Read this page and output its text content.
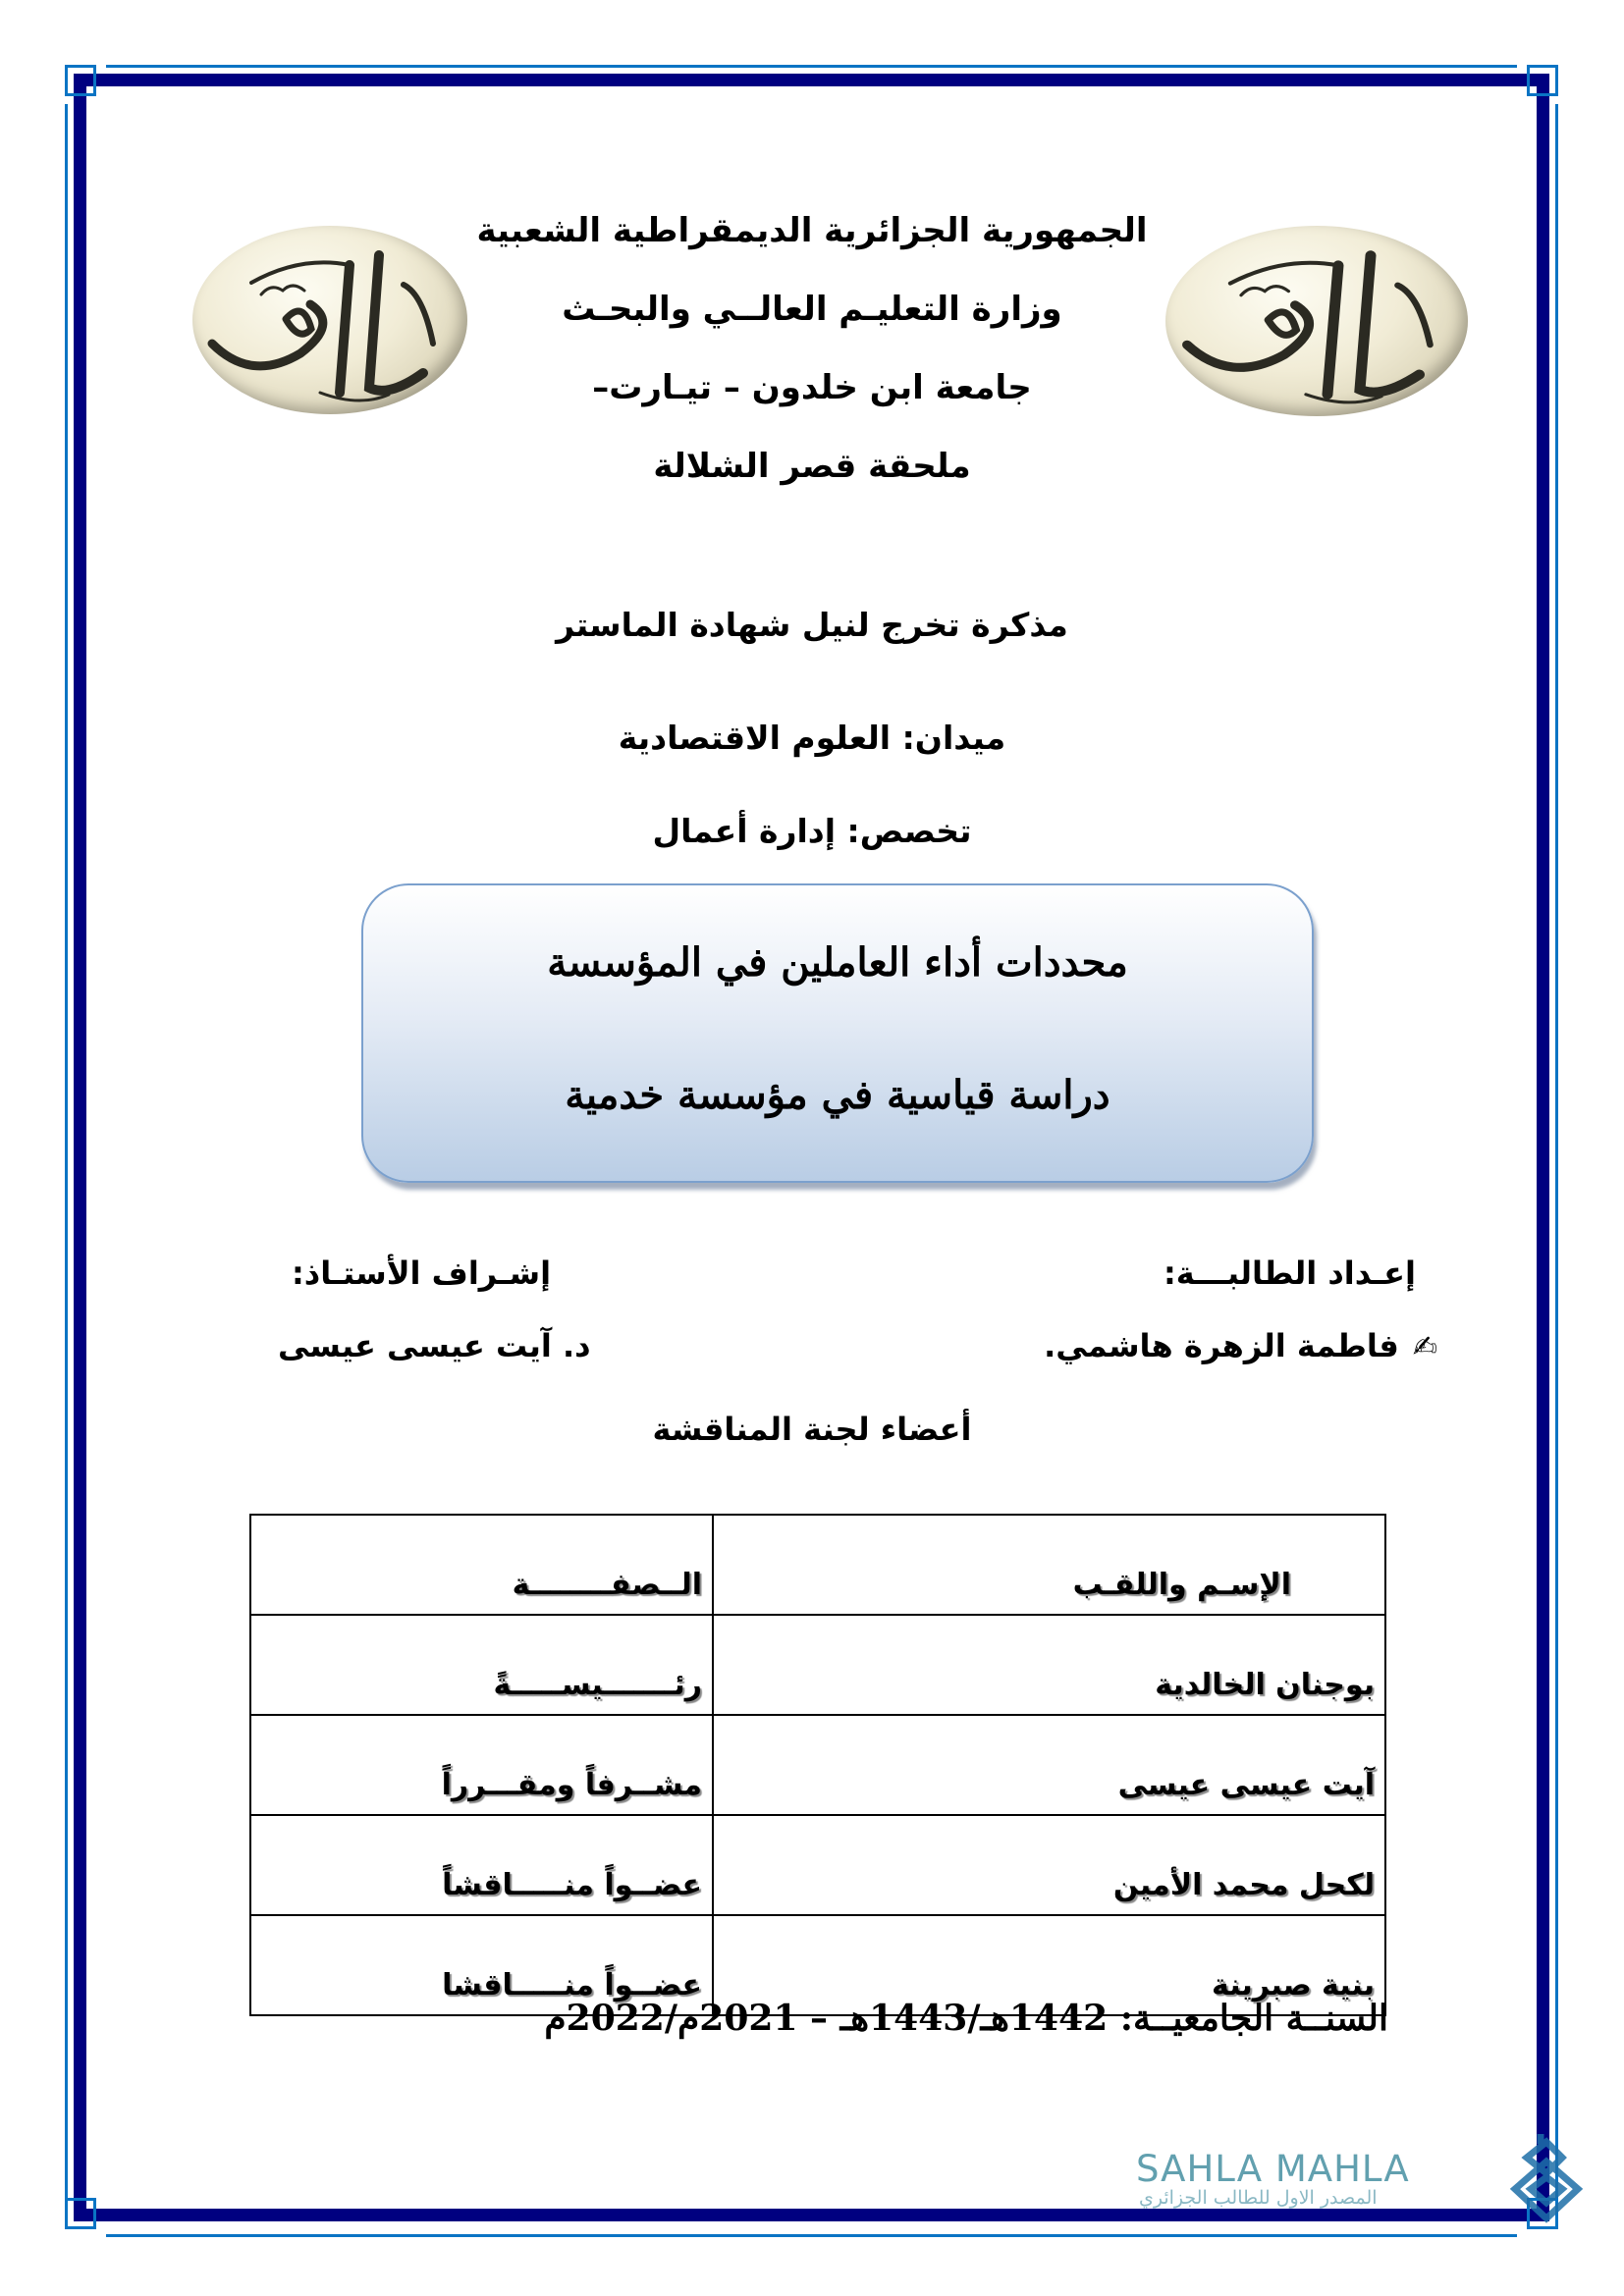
الجمهورية الجزائرية الديمقراطية الشعبية
وزارة التعليـم العالــي والبحـث
جامعة ابن خلدون – تيـارت–
ملحقة قصر الشلالة
مذكرة تخرج لنيل شهادة الماستر
ميدان: العلوم الاقتصادية
تخصص: إدارة أعمال
محددات أداء العاملين في المؤسسة
دراسة قياسية في مؤسسة خدمية
إعـداد الطالبـــة:
✍فاطمة الزهرة هاشمي.
إشـراف الأستـاذ:
د. آيت عيسى عيسى
أعضاء لجنة المناقشة
الإسـم واللقـب	الــصفــــــــة
بوجنان الخالدية	رئـــــــيســـــةً
آيت عيسى عيسى	مشــرفاً ومقـــرراً
لكحل محمد الأمين	عضــواً منـــــاقشاً
بنية صبرينة	عضــواً منـــــاقشا
السنــة الجامعيــة: 1442هـ/1443هـ – 2021م/2022م
SAHLA MAHLA
المصدر الاول للطالب الجزائري
